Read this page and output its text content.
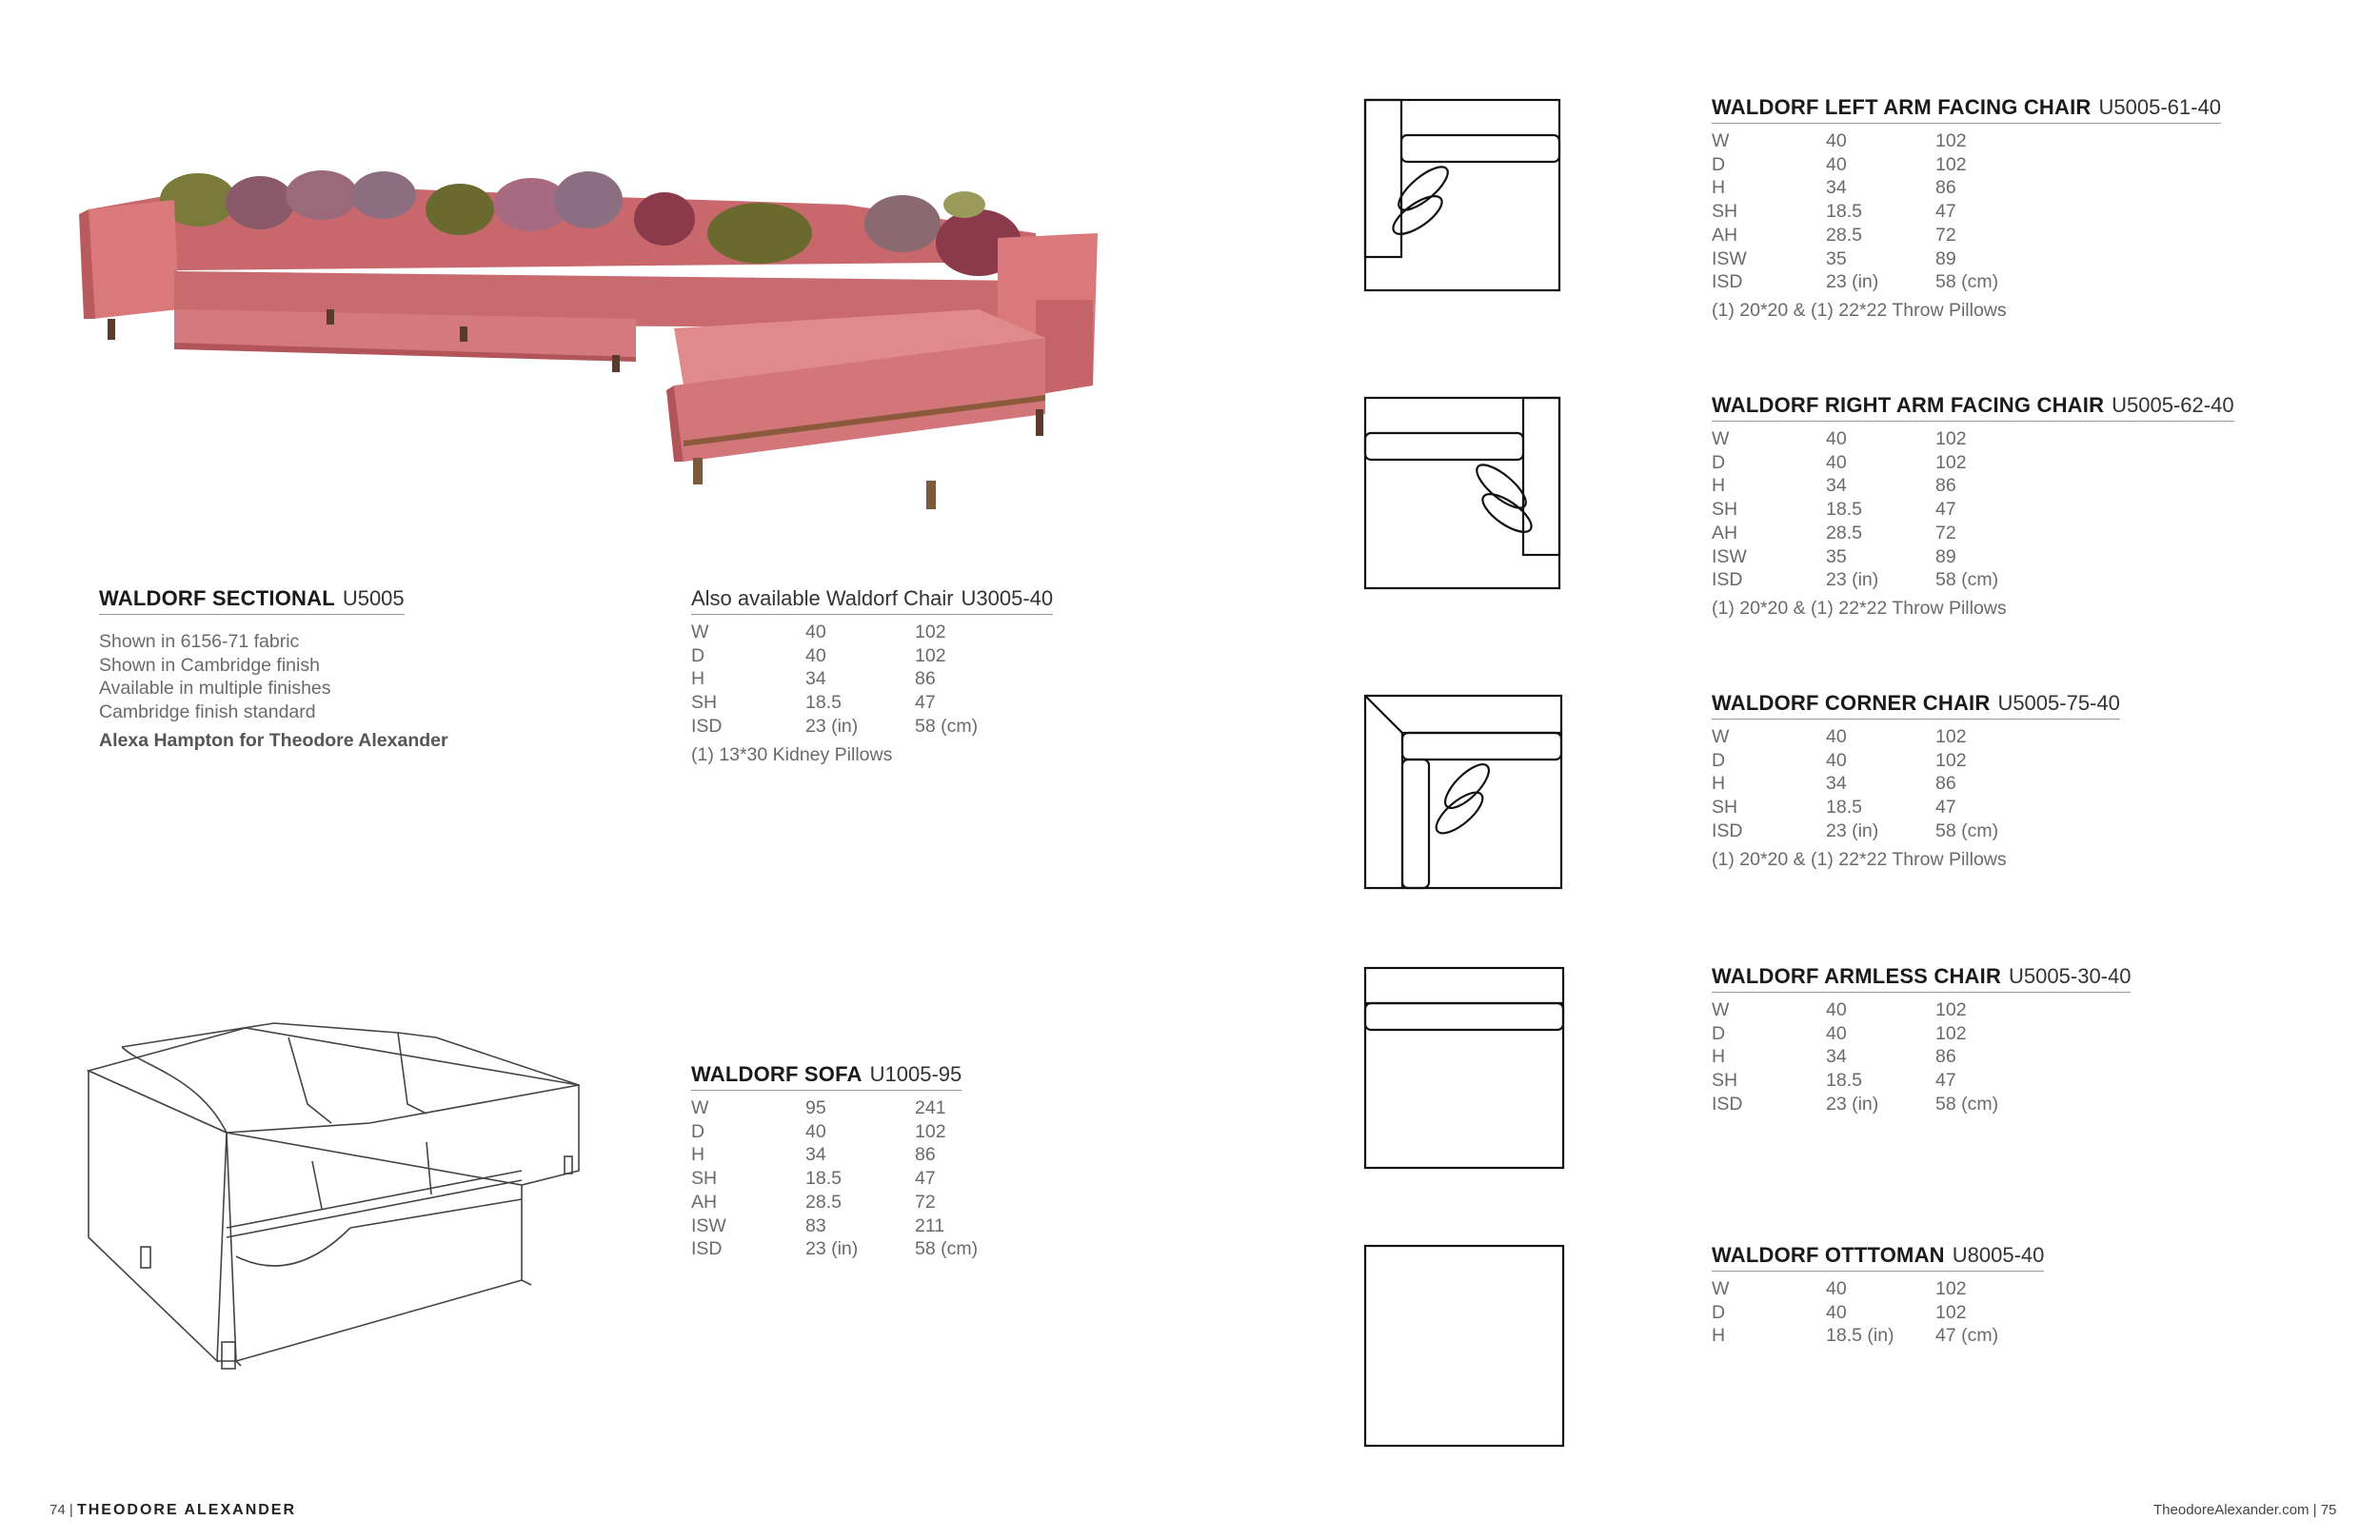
WALDORF SECTIONAL U5005
Shown in 6156-71 fabric
Shown in Cambridge finish
Available in multiple finishes
Cambridge finish standard
Alexa Hampton for Theodore Alexander
Also available Waldorf Chair U3005-40
W	40	102
D	40	102
H	34	86
SH	18.5	47
ISD	23 (in)	58 (cm)
(1) 13*30 Kidney Pillows
WALDORF SOFA U1005-95
W	95	241
D	40	102
H	34	86
SH	18.5	47
AH	28.5	72
ISW	83	211
ISD	23 (in)	58 (cm)
WALDORF LEFT ARM FACING CHAIR U5005-61-40
W	40	102
D	40	102
H	34	86
SH	18.5	47
AH	28.5	72
ISW	35	89
ISD	23 (in)	58 (cm)
(1) 20*20 & (1) 22*22 Throw Pillows
WALDORF RIGHT ARM FACING CHAIR U5005-62-40
W	40	102
D	40	102
H	34	86
SH	18.5	47
AH	28.5	72
ISW	35	89
ISD	23 (in)	58 (cm)
(1) 20*20 & (1) 22*22 Throw Pillows
WALDORF CORNER CHAIR U5005-75-40
W	40	102
D	40	102
H	34	86
SH	18.5	47
ISD	23 (in)	58 (cm)
(1) 20*20 & (1) 22*22 Throw Pillows
WALDORF ARMLESS CHAIR U5005-30-40
W	40	102
D	40	102
H	34	86
SH	18.5	47
ISD	23 (in)	58 (cm)
WALDORF OTTTOMAN U8005-40
W	40	102
D	40	102
H	18.5 (in)	47 (cm)
74 | THEODORE ALEXANDER	TheodoreAlexander.com | 75
